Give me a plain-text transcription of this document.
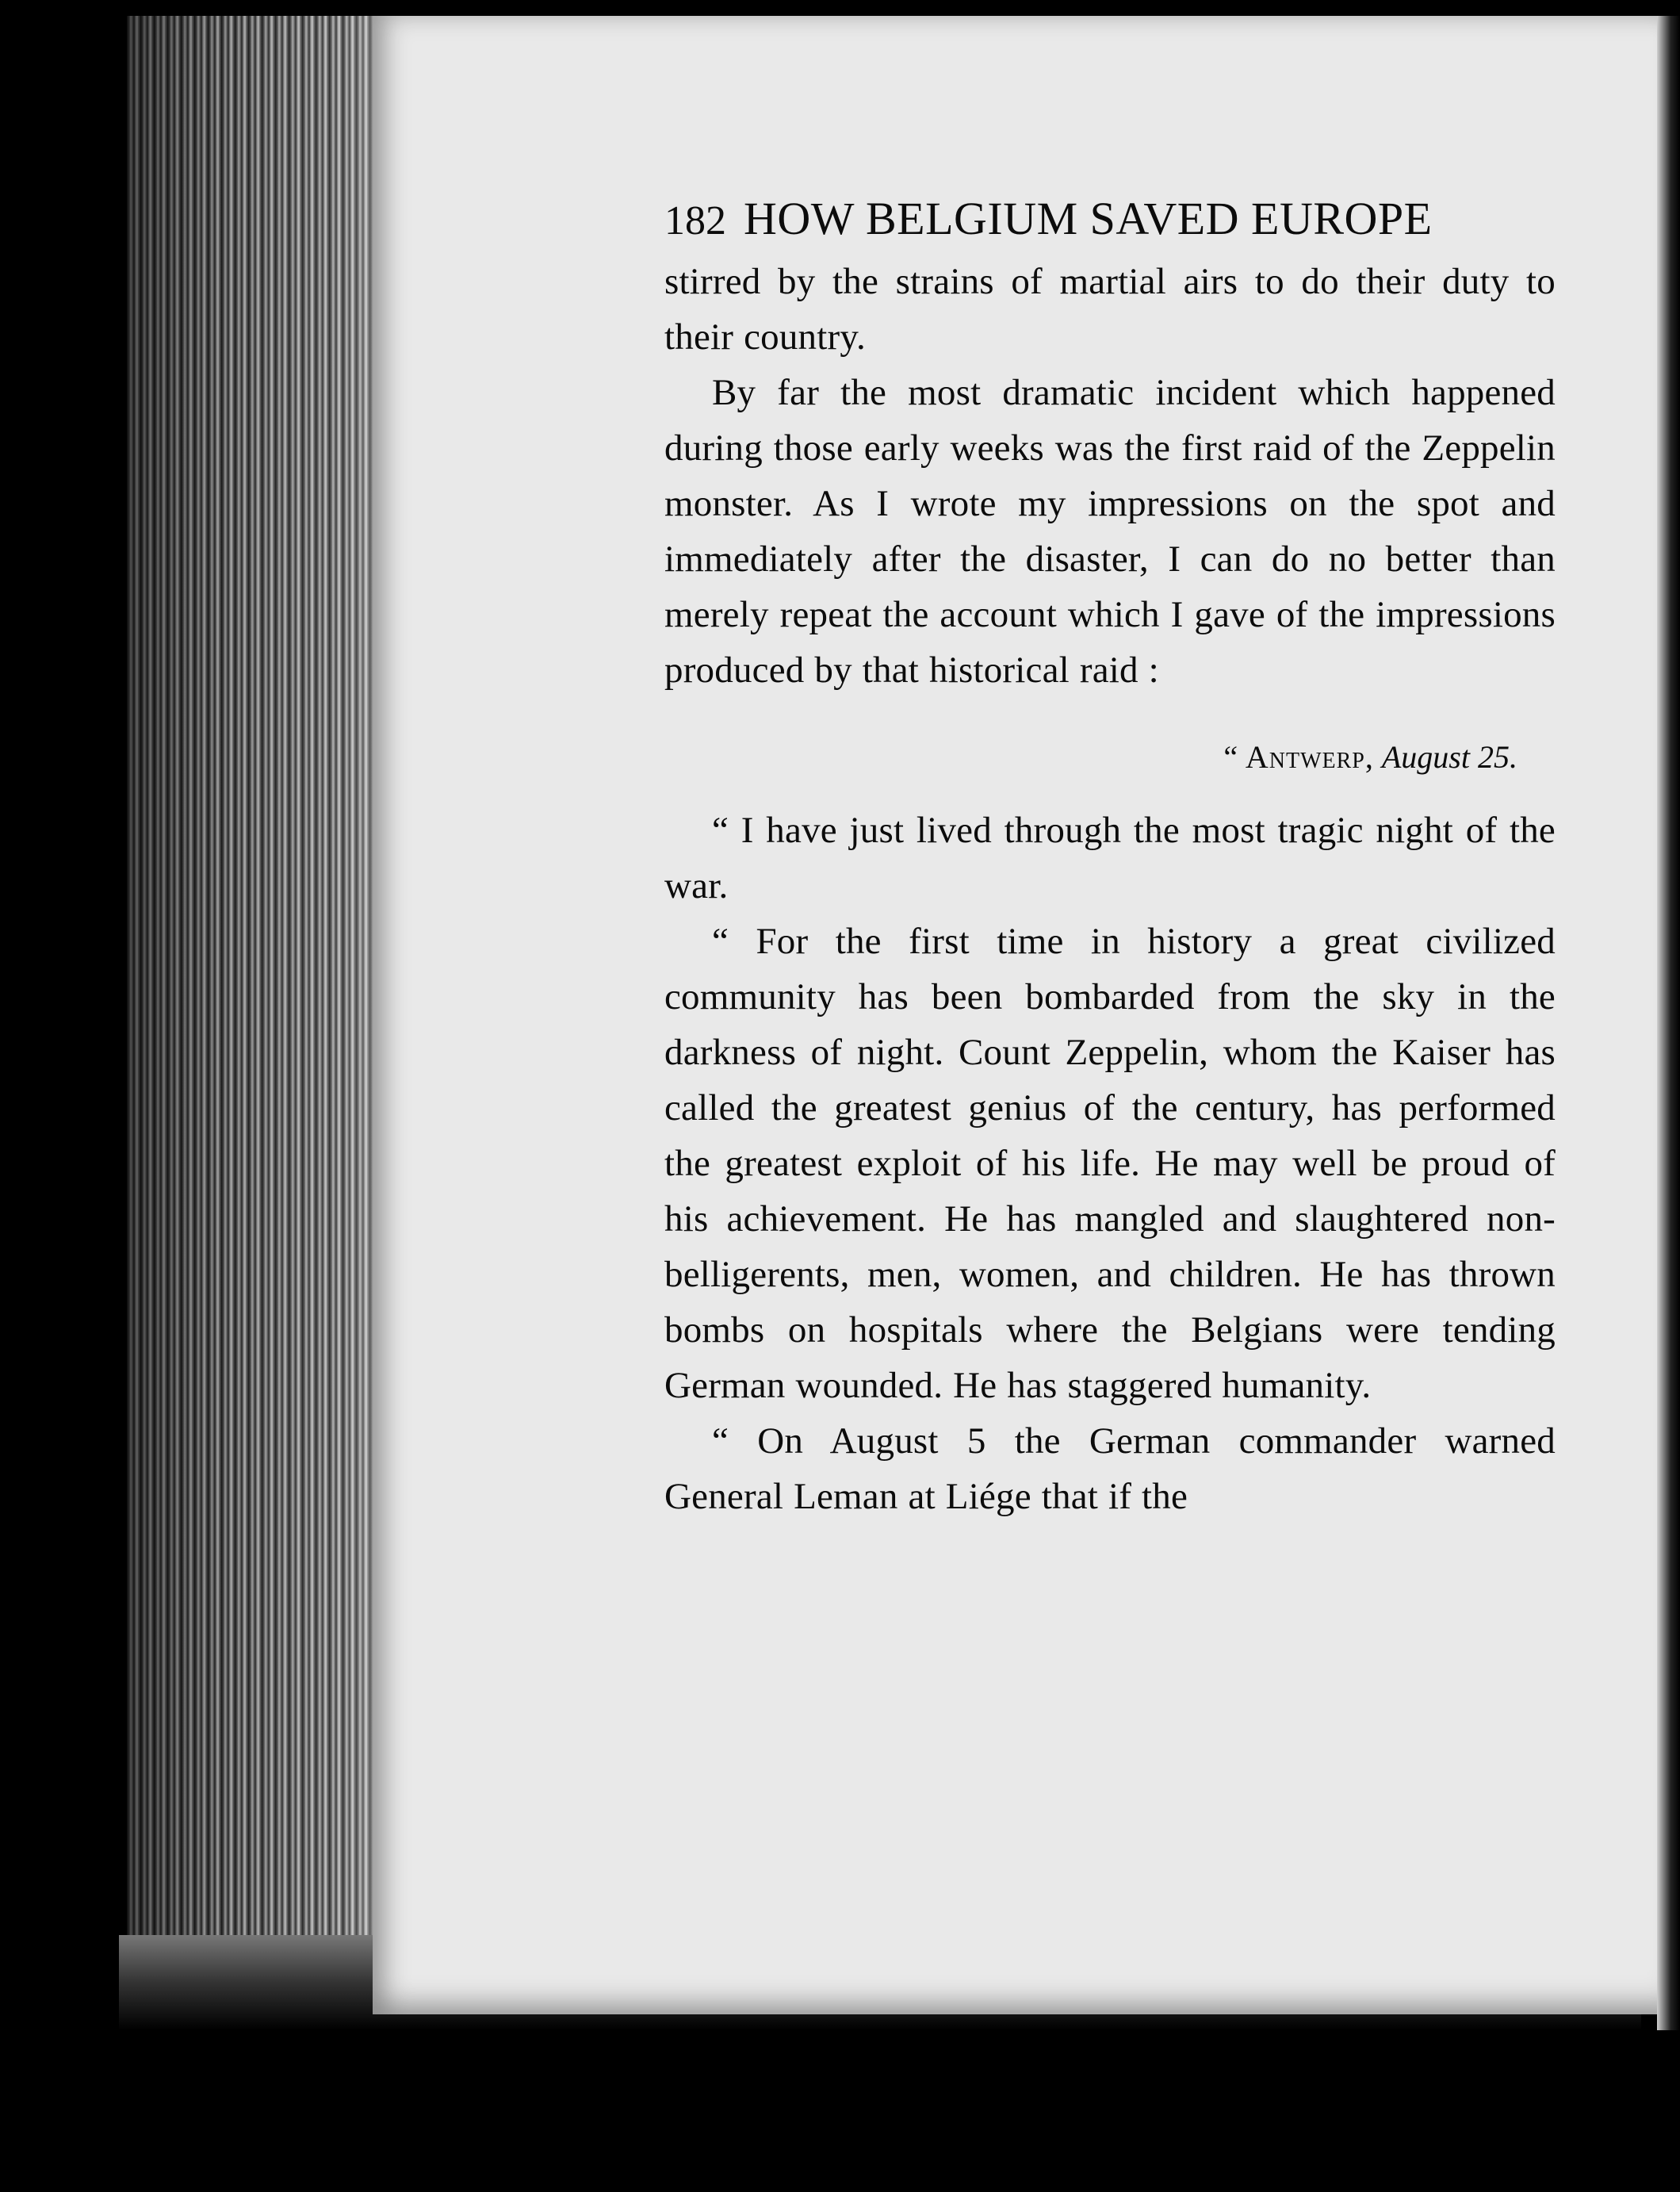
182 HOW BELGIUM SAVED EUROPE

stirred by the strains of martial airs to do their duty to their country.

By far the most dramatic incident which happened during those early weeks was the first raid of the Zeppelin monster. As I wrote my impressions on the spot and immediately after the disaster, I can do no better than merely repeat the account which I gave of the impressions produced by that historical raid :

“ Antwerp, August 25.

“ I have just lived through the most tragic night of the war.

“ For the first time in history a great civilized community has been bombarded from the sky in the darkness of night. Count Zeppelin, whom the Kaiser has called the greatest genius of the century, has performed the greatest exploit of his life. He may well be proud of his achievement. He has mangled and slaughtered non-belligerents, men, women, and children. He has thrown bombs on hospitals where the Belgians were tending German wounded. He has staggered humanity.

“ On August 5 the German commander warned General Leman at Liége that if the
